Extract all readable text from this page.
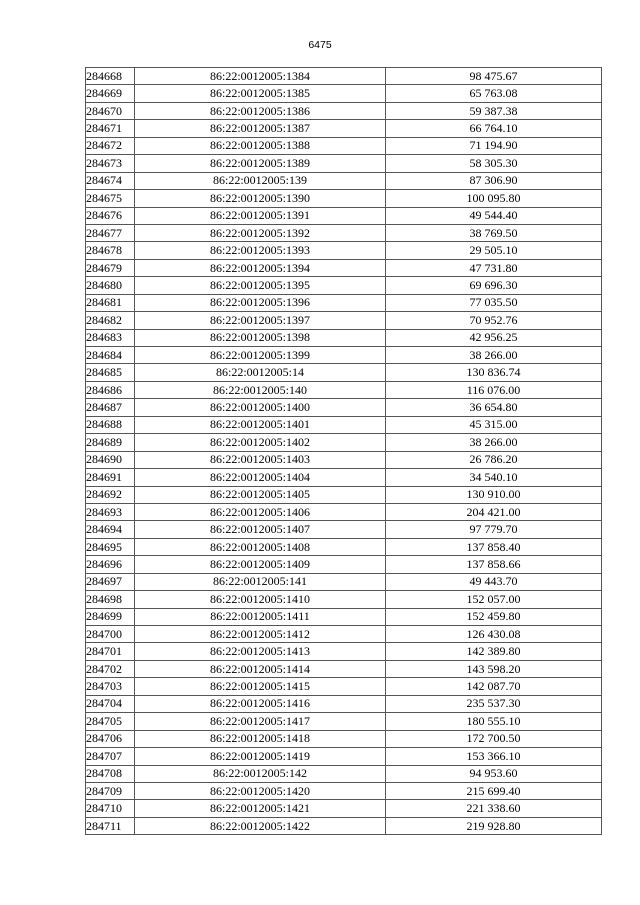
6475
284668	86:22:0012005:1384	98 475.67
284669	86:22:0012005:1385	65 763.08
284670	86:22:0012005:1386	59 387.38
284671	86:22:0012005:1387	66 764.10
284672	86:22:0012005:1388	71 194.90
284673	86:22:0012005:1389	58 305.30
284674	86:22:0012005:139	87 306.90
284675	86:22:0012005:1390	100 095.80
284676	86:22:0012005:1391	49 544.40
284677	86:22:0012005:1392	38 769.50
284678	86:22:0012005:1393	29 505.10
284679	86:22:0012005:1394	47 731.80
284680	86:22:0012005:1395	69 696.30
284681	86:22:0012005:1396	77 035.50
284682	86:22:0012005:1397	70 952.76
284683	86:22:0012005:1398	42 956.25
284684	86:22:0012005:1399	38 266.00
284685	86:22:0012005:14	130 836.74
284686	86:22:0012005:140	116 076.00
284687	86:22:0012005:1400	36 654.80
284688	86:22:0012005:1401	45 315.00
284689	86:22:0012005:1402	38 266.00
284690	86:22:0012005:1403	26 786.20
284691	86:22:0012005:1404	34 540.10
284692	86:22:0012005:1405	130 910.00
284693	86:22:0012005:1406	204 421.00
284694	86:22:0012005:1407	97 779.70
284695	86:22:0012005:1408	137 858.40
284696	86:22:0012005:1409	137 858.66
284697	86:22:0012005:141	49 443.70
284698	86:22:0012005:1410	152 057.00
284699	86:22:0012005:1411	152 459.80
284700	86:22:0012005:1412	126 430.08
284701	86:22:0012005:1413	142 389.80
284702	86:22:0012005:1414	143 598.20
284703	86:22:0012005:1415	142 087.70
284704	86:22:0012005:1416	235 537.30
284705	86:22:0012005:1417	180 555.10
284706	86:22:0012005:1418	172 700.50
284707	86:22:0012005:1419	153 366.10
284708	86:22:0012005:142	94 953.60
284709	86:22:0012005:1420	215 699.40
284710	86:22:0012005:1421	221 338.60
284711	86:22:0012005:1422	219 928.80
